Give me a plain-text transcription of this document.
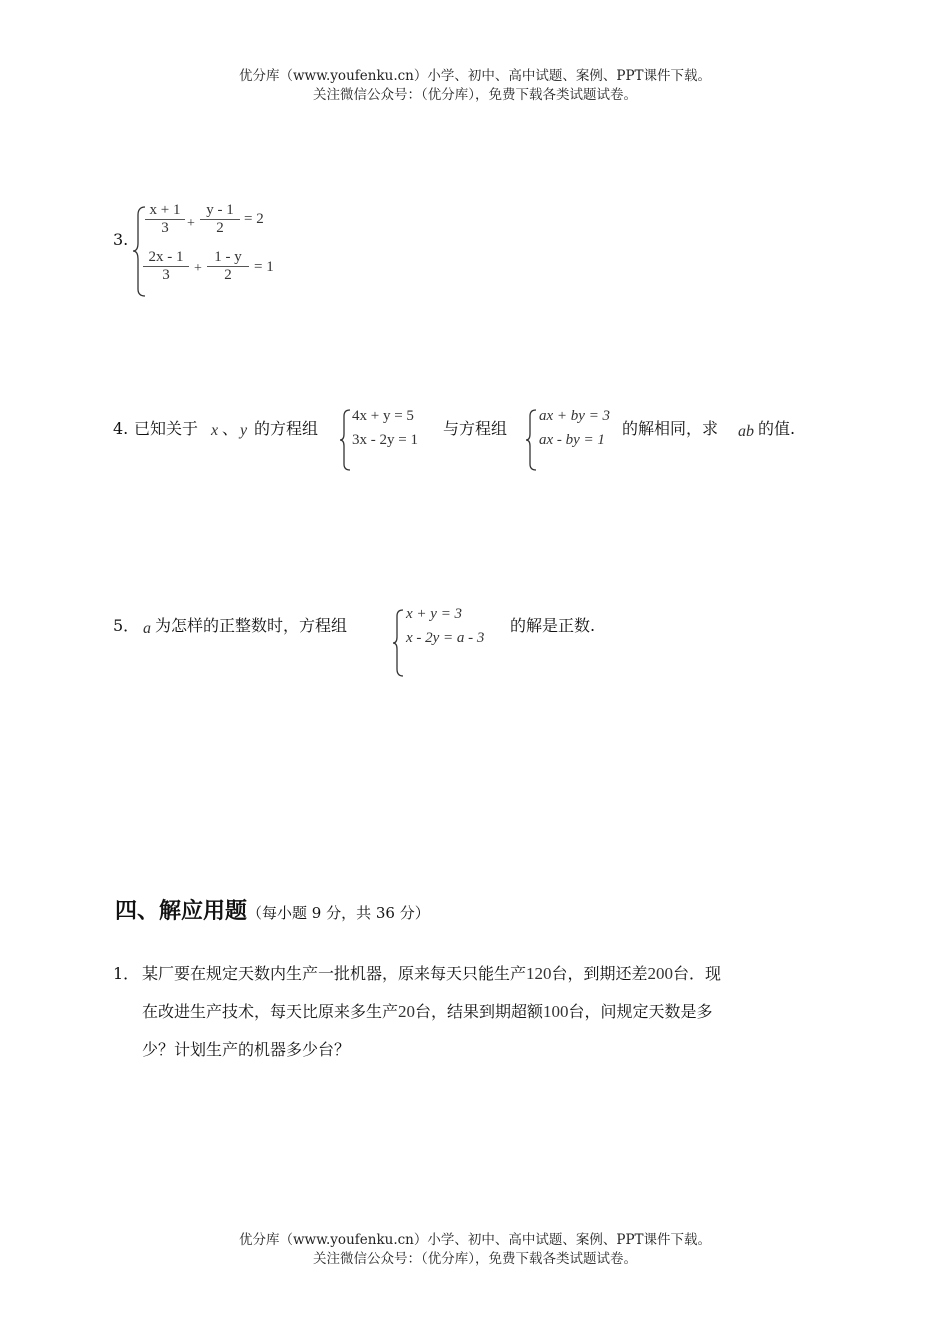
优分库（www.youfenku.cn）小学、初中、高中试题、案例、PPT课件下载。
关注微信公众号：（优分库），免费下载各类试题试卷。
3.
x + 1
3	+
y - 1
2
= 2
2x - 1
3	+
1 - y
2	= 1
4. 已知关于 x 、 y 的方程组
4x + y = 5
3x - 2y = 1
与方程组
ax + by = 3
ax - by = 1
的解相同，求 ab 的值.
5． a 为怎样的正整数时，方程组
x + y = 3
x - 2y = a - 3
的解是正数.
四、解应用题（每小题 9 分，共 36 分）
1． 某厂要在规定天数内生产一批机器，原来每天只能生产120台，到期还差200台．现
在改进生产技术，每天比原来多生产20台，结果到期超额100台，问规定天数是多
少？计划生产的机器多少台？
优分库（www.youfenku.cn）小学、初中、高中试题、案例、PPT课件下载。
关注微信公众号：（优分库），免费下载各类试题试卷。
